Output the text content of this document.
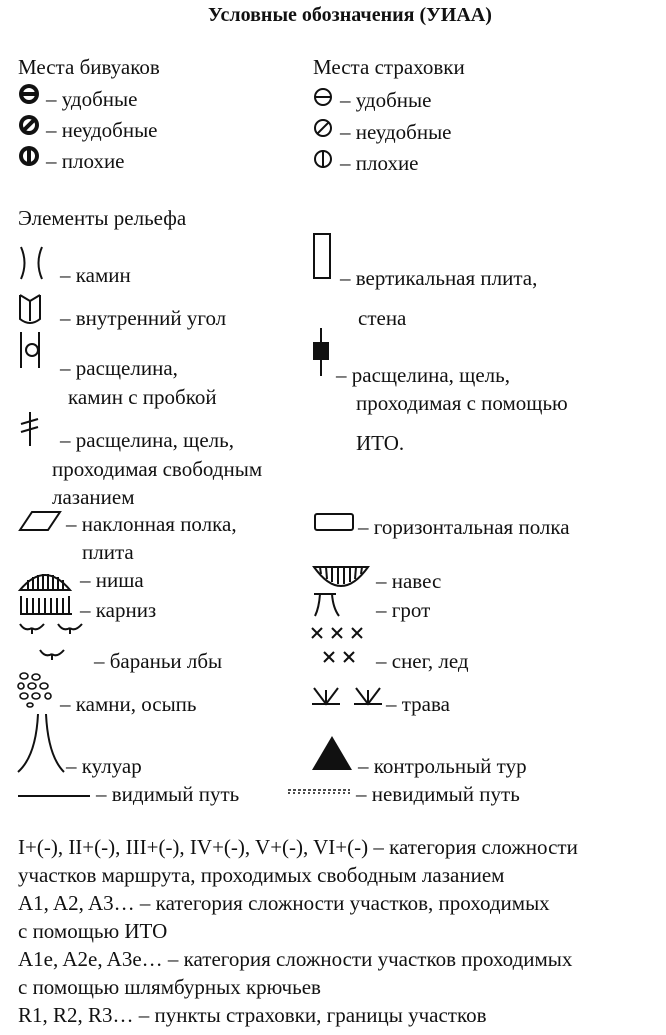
Условные обозначения (УИАА)
Места бивуаков
– удобные
– неудобные
– плохие
Места страховки
– удобные
– неудобные
– плохие
Элементы рельефа
– камин
– внутренний угол
– расщелина,
камин с пробкой
– расщелина, щель,
проходимая свободным
лазанием
– наклонная полка,
плита
– ниша
– карниз
– бараньи лбы
– камни, осыпь
– кулуар
– видимый путь
– вертикальная плита,
стена
– расщелина, щель,
проходимая с помощью
ИТО.
– горизонтальная полка
– навес
– грот
– снег, лед
– трава
– контрольный тур
– невидимый путь
I+(-), II+(-), III+(-), IV+(-), V+(-), VI+(-) – категория сложности
участков маршрута, проходимых свободным лазанием
A1, A2, A3… – категория сложности участков, проходимых
с помощью ИТО
A1e, A2e, A3e… – категория сложности участков проходимых
с помощью шлямбурных крючьев
R1, R2, R3… – пункты страховки, границы участков
